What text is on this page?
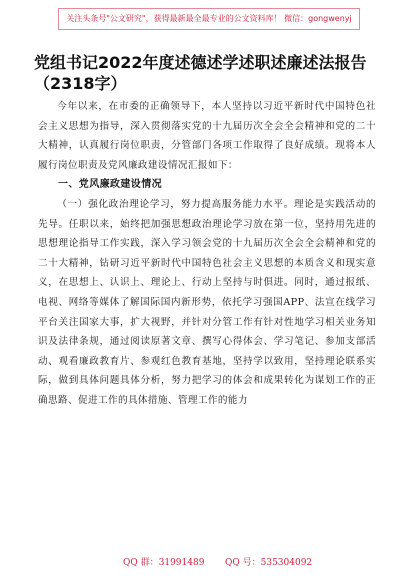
关注头条号"公文研究"，获得最新最全最专业的公文资料库！ 微信：gongwenyj
党组书记2022年度述德述学述职述廉述法报告（2318字）

今年以来，在市委的正确领导下，本人坚持以习近平新时代中国特色社会主义思想为指导，深入贯彻落实党的十九届历次全会全会精神和党的二十大精神，认真履行岗位职责，分管部门各项工作取得了良好成绩。现将本人履行岗位职责及党风廉政建设情况汇报如下：

一、党风廉政建设情况

（一）强化政治理论学习，努力提高服务能力水平。理论是实践活动的先导。任职以来，始终把加强思想政治理论学习放在第一位，坚持用先进的思想理论指导工作实践，深入学习领会党的十九届历次全会全会精神和党的二十大精神，钻研习近平新时代中国特色社会主义思想的本质含义和现实意义，在思想上、认识上、理论上、行动上坚持与时俱进。同时，通过报纸、电视、网络等媒体了解国际国内新形势，依托学习强国APP、法宣在线学习平台关注国家大事，扩大视野，并针对分管工作有针对性地学习相关业务知识及法律条规，通过阅读原著文章、撰写心得体会、学习笔记、参加支部活动、观看廉政教育片、参观红色教育基地，坚持学以致用，坚持理论联系实际，做到具体问题具体分析，努力把学习的体会和成果转化为谋划工作的正确思路、促进工作的具体措施、管理工作的能力

QQ 群：31991489 QQ 号：535304092
